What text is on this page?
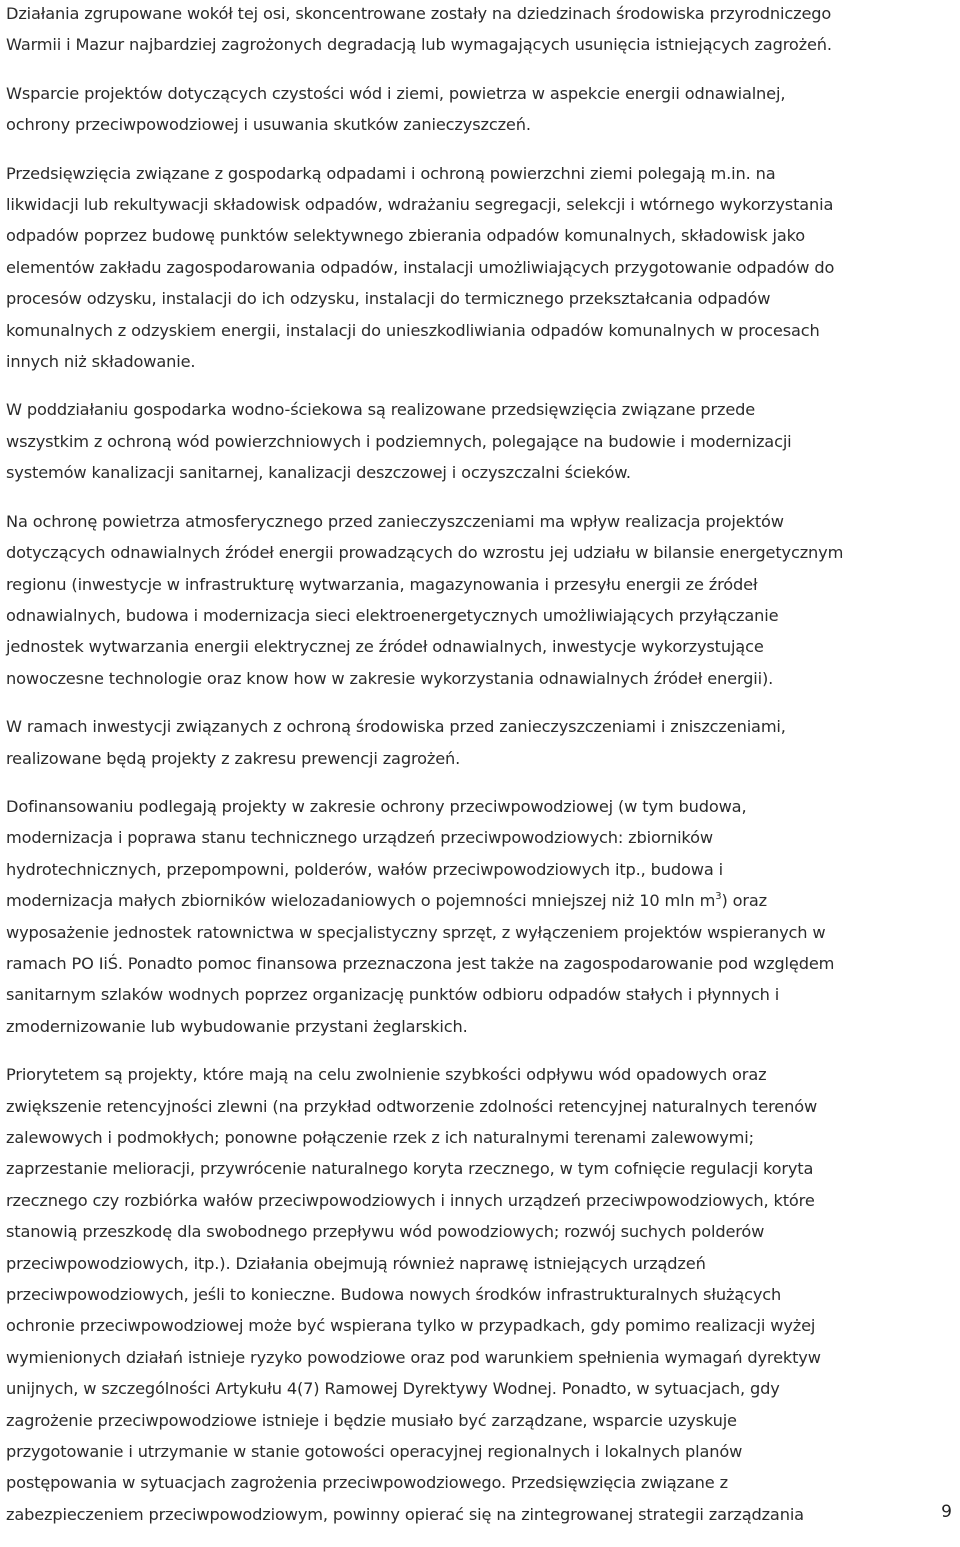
Działania zgrupowane wokół tej osi, skoncentrowane zostały na dziedzinach środowiska przyrodniczego
Warmii i Mazur najbardziej zagrożonych degradacją lub wymagających usunięcia istniejących zagrożeń.
Wsparcie projektów dotyczących czystości wód i ziemi, powietrza w aspekcie energii odnawialnej,
ochrony przeciwpowodziowej i usuwania skutków zanieczyszczeń.
Przedsięwzięcia związane z gospodarką odpadami i ochroną powierzchni ziemi polegają m.in. na
likwidacji lub rekultywacji składowisk odpadów, wdrażaniu segregacji, selekcji i wtórnego wykorzystania
odpadów poprzez budowę punktów selektywnego zbierania odpadów komunalnych, składowisk jako
elementów zakładu zagospodarowania odpadów, instalacji umożliwiających przygotowanie odpadów do
procesów odzysku, instalacji do ich odzysku, instalacji do termicznego przekształcania odpadów
komunalnych z odzyskiem energii, instalacji do unieszkodliwiania odpadów komunalnych w procesach
innych niż składowanie.
W poddziałaniu gospodarka wodno-ściekowa są realizowane przedsięwzięcia związane przede
wszystkim z ochroną wód powierzchniowych i podziemnych, polegające na budowie i modernizacji
systemów kanalizacji sanitarnej, kanalizacji deszczowej i oczyszczalni ścieków.
Na ochronę powietrza atmosferycznego przed zanieczyszczeniami ma wpływ realizacja projektów
dotyczących odnawialnych źródeł energii prowadzących do wzrostu jej udziału w bilansie energetycznym
regionu (inwestycje w infrastrukturę wytwarzania, magazynowania i przesyłu energii ze źródeł
odnawialnych, budowa i modernizacja sieci elektroenergetycznych umożliwiających przyłączanie
jednostek wytwarzania energii elektrycznej ze źródeł odnawialnych, inwestycje wykorzystujące
nowoczesne technologie oraz know how w zakresie wykorzystania odnawialnych źródeł energii).
W ramach inwestycji związanych z ochroną środowiska przed zanieczyszczeniami i zniszczeniami,
realizowane będą projekty z zakresu prewencji zagrożeń.
Dofinansowaniu podlegają projekty w zakresie ochrony przeciwpowodziowej (w tym budowa,
modernizacja i poprawa stanu technicznego urządzeń przeciwpowodziowych: zbiorników
hydrotechnicznych, przepompowni, polderów, wałów przeciwpowodziowych itp., budowa i
modernizacja małych zbiorników wielozadaniowych o pojemności mniejszej niż 10 mln $m^3$) oraz
wyposażenie jednostek ratownictwa w specjalistyczny sprzęt, z wyłączeniem projektów wspieranych w
ramach PO IiŚ. Ponadto pomoc finansowa przeznaczona jest także na zagospodarowanie pod względem
sanitarnym szlaków wodnych poprzez organizację punktów odbioru odpadów stałych i płynnych i
zmodernizowanie lub wybudowanie przystani żeglarskich.
Priorytetem są projekty, które mają na celu zwolnienie szybkości odpływu wód opadowych oraz
zwiększenie retencyjności zlewni (na przykład odtworzenie zdolności retencyjnej naturalnych terenów
zalewowych i podmokłych; ponowne połączenie rzek z ich naturalnymi terenami zalewowymi;
zaprzestanie melioracji, przywrócenie naturalnego koryta rzecznego, w tym cofnięcie regulacji koryta
rzecznego czy rozbiórka wałów przeciwpowodziowych i innych urządzeń przeciwpowodziowych, które
stanowią przeszkodę dla swobodnego przepływu wód powodziowych; rozwój suchych polderów
przeciwpowodziowych, itp.). Działania obejmują również naprawę istniejących urządzeń
przeciwpowodziowych, jeśli to konieczne. Budowa nowych środków infrastrukturalnych służących
ochronie przeciwpowodziowej może być wspierana tylko w przypadkach, gdy pomimo realizacji wyżej
wymienionych działań istnieje ryzyko powodziowe oraz pod warunkiem spełnienia wymagań dyrektyw
unijnych, w szczególności Artykułu 4(7) Ramowej Dyrektywy Wodnej. Ponadto, w sytuacjach, gdy
zagrożenie przeciwpowodziowe istnieje i będzie musiało być zarządzane, wsparcie uzyskuje
przygotowanie i utrzymanie w stanie gotowości operacyjnej regionalnych i lokalnych planów
postępowania w sytuacjach zagrożenia przeciwpowodziowego. Przedsięwzięcia związane z
zabezpieczeniem przeciwpowodziowym, powinny opierać się na zintegrowanej strategii zarządzania	9
